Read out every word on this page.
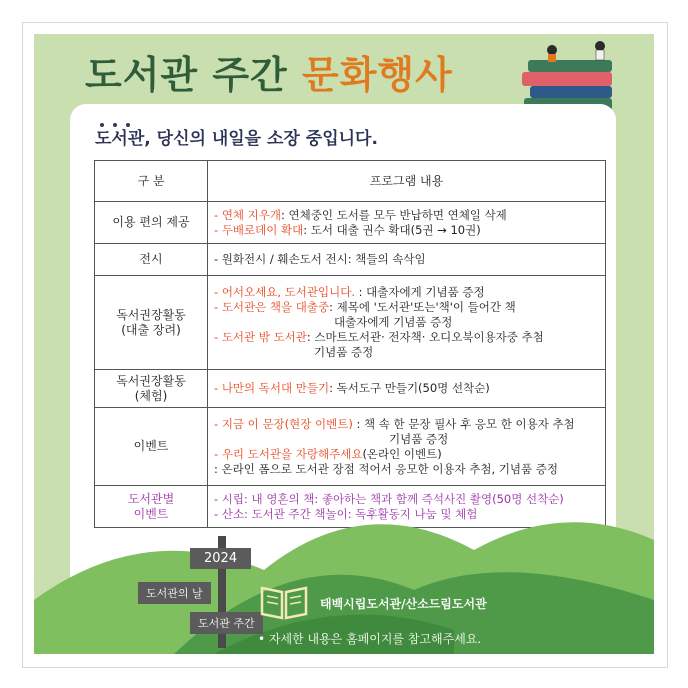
도서관 주간 문화행사
도서관, 당신의 내일을 소장 중입니다.
구 분	프로그램 내용
이용 편의 제공	- 연체 지우개: 연체중인 도서를 모두 반납하면 연체일 삭제
- 두배로데이 확대: 도서 대출 권수 확대(5권 → 10권)

전시	- 원화전시 / 훼손도서 전시: 책들의 속삭임

독서권장활동
(대출 장려)	- 어서오세요, 도서관입니다. : 대출자에게 기념품 증정
- 도서관은 책을 대출중: 제목에 '도서관'또는'책'이 들어간 책
대출자에게 기념품 증정
- 도서관 밖 도서관: 스마트도서관· 전자책· 오디오북이용자중 추첨
기념품 증정

독서권장활동
(체험)	- 나만의 독서대 만들기: 독서도구 만들기(50명 선착순)

이벤트	- 지금 이 문장(현장 이벤트) : 책 속 한 문장 필사 후 응모 한 이용자 추첨
기념품 증정
- 우리 도서관을 자랑해주세요(온라인 이벤트)
: 온라인 폼으로 도서관 장점 적어서 응모한 이용자 추첨, 기념품 증정

도서관별
이벤트	- 시립: 내 영혼의 책: 좋아하는 책과 함께 즉석사진 촬영(50명 선착순)
- 산소: 도서관 주간 책놀이: 독후활동지 나눔 및 체험
2024
도서관의 날
도서관 주간

태백시립도서관/산소드림도서관

• 자세한 내용은 홈페이지를 참고해주세요.
